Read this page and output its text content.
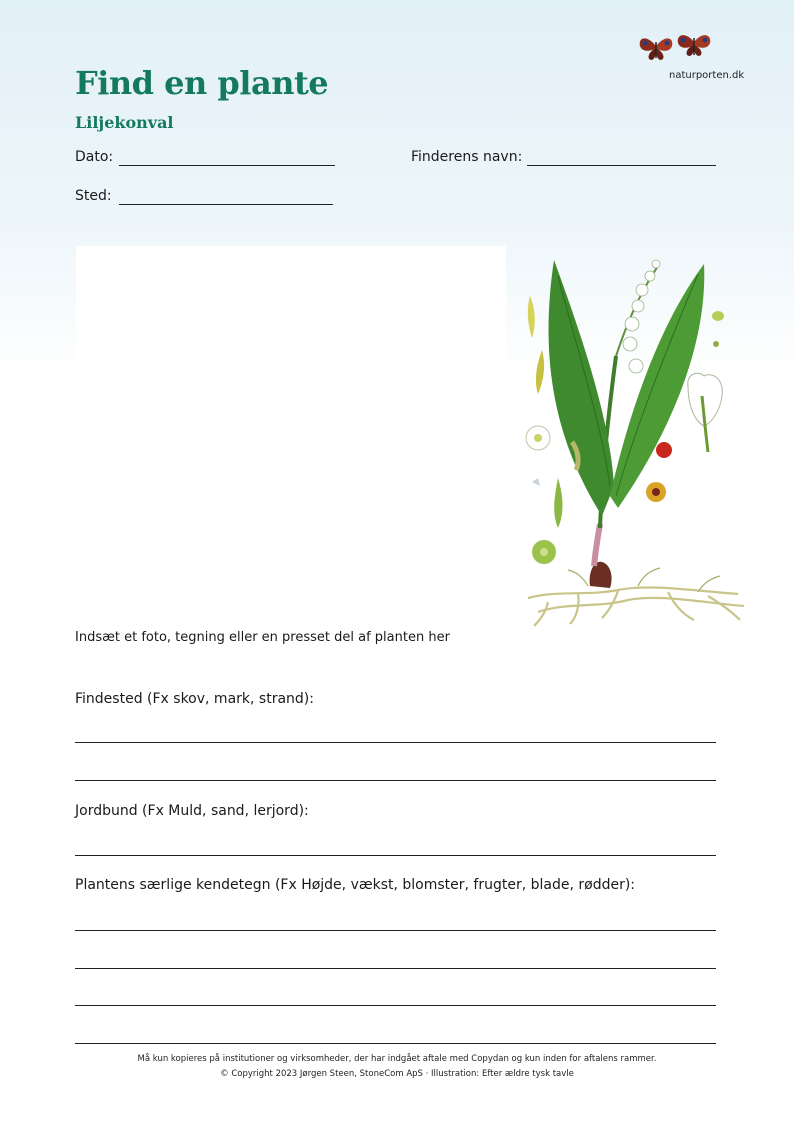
Find en plante
Liljekonval
naturporten.dk
Dato:	Finderens navn:
Sted:
Indsæt et foto, tegning eller en presset del af planten her
Findested (Fx skov, mark, strand):
Jordbund (Fx Muld, sand, lerjord):
Plantens særlige kendetegn (Fx Højde, vækst, blomster, frugter, blade, rødder):
Må kun kopieres på institutioner og virksomheder, der har indgået aftale med Copydan og kun inden for aftalens rammer.
© Copyright 2023 Jørgen Steen, StoneCom ApS · Illustration: Efter ældre tysk tavle
